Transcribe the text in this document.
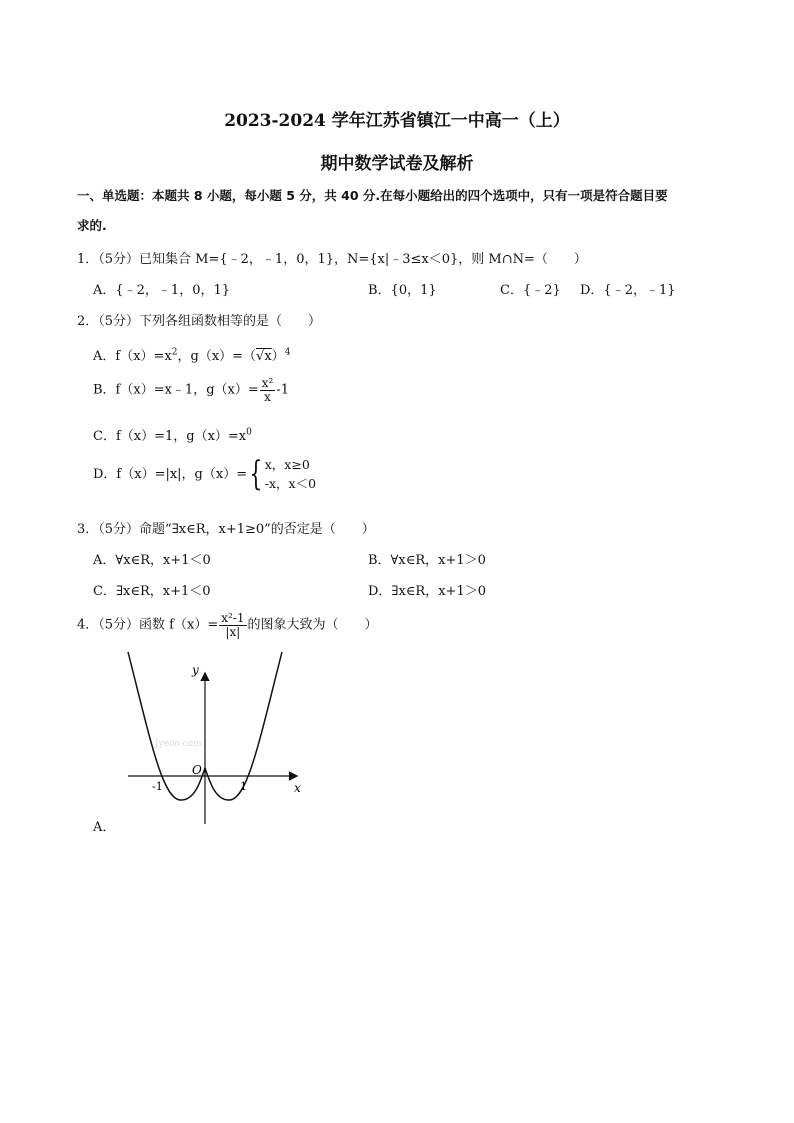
2023-2024 学年江苏省镇江一中高一（上）
期中数学试卷及解析
一、单选题：本题共 8 小题，每小题 5 分，共 40 分.在每小题给出的四个选项中，只有一项是符合题目要
求的.
1．（5分）已知集合 M={﹣2，﹣1，0，1}，N={x|﹣3≤x＜0}，则 M∩N=（　　）
A．{﹣2，﹣1，0，1}	B．{0，1}	C．{﹣2} D．{﹣2，﹣1}
2．（5分）下列各组函数相等的是（　　）
A．$f(x)=x^2$，$g(x)=(√x)^4$
B．f（x）=x﹣1，$g(x)= \frac{\text{x²}}{x} -1$
C．f（x）=1，$g(x)=x^0$
D．f（x）=|x|，g（x）={ x，x≥0
-x，x＜0
3．（5分）命题“∃x∈R，x+1≥0”的否定是（　　）
A．∀x∈R，x+1＜0	B．∀x∈R，x+1＞0
C．∃x∈R，x+1＜0	D．∃x∈R，x+1＞0
4．（5分）函数 $f(x)= \frac{\text{x²-1}}{|x|}$ 的图象大致为（　　）
Jyeoo.com
y
x
O
-1	1
A．
